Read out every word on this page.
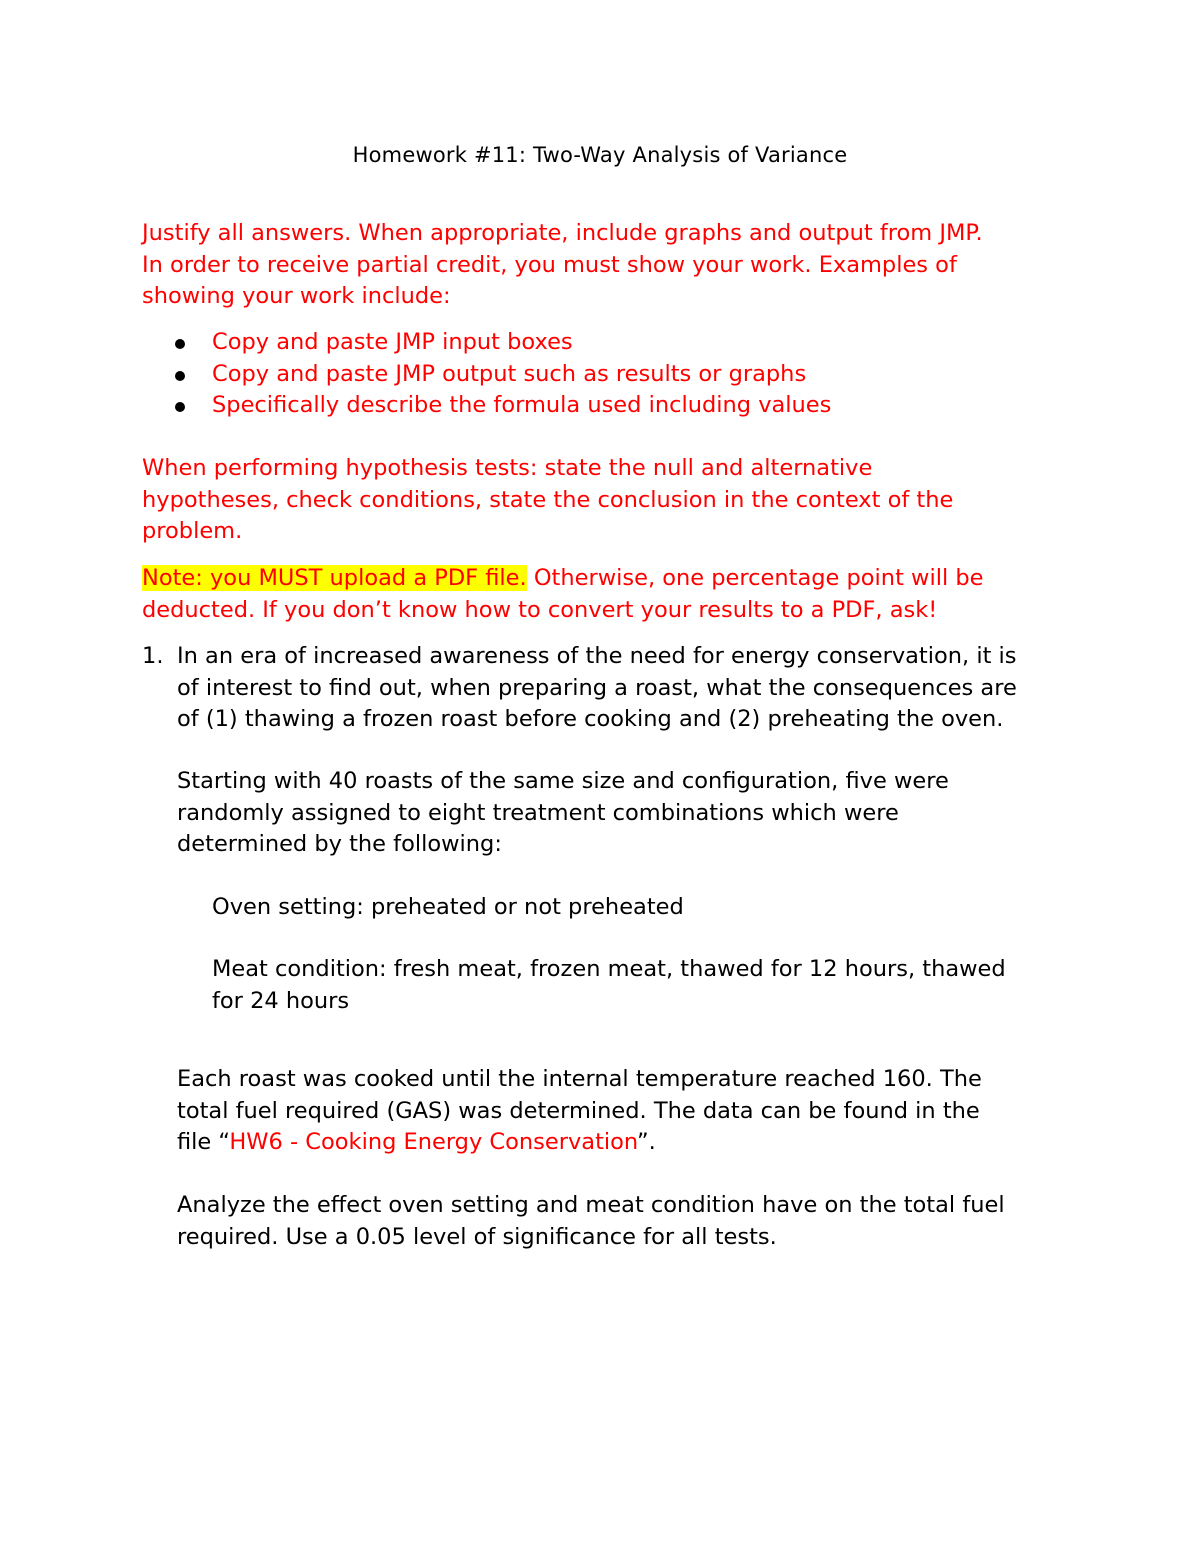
Homework #11: Two-Way Analysis of Variance
Justify all answers. When appropriate, include graphs and output from JMP.
In order to receive partial credit, you must show your work. Examples of
showing your work include:
Copy and paste JMP input boxes
Copy and paste JMP output such as results or graphs
Specifically describe the formula used including values
When performing hypothesis tests: state the null and alternative
hypotheses, check conditions, state the conclusion in the context of the
problem.
Note: you MUST upload a PDF file. Otherwise, one percentage point will be
deducted. If you don’t know how to convert your results to a PDF, ask!
1. In an era of increased awareness of the need for energy conservation, it is
of interest to find out, when preparing a roast, what the consequences are
of (1) thawing a frozen roast before cooking and (2) preheating the oven.
Starting with 40 roasts of the same size and configuration, five were
randomly assigned to eight treatment combinations which were
determined by the following:
Oven setting: preheated or not preheated
Meat condition: fresh meat, frozen meat, thawed for 12 hours, thawed
for 24 hours
Each roast was cooked until the internal temperature reached 160. The
total fuel required (GAS) was determined. The data can be found in the
file “HW6 - Cooking Energy Conservation”.
Analyze the effect oven setting and meat condition have on the total fuel
required. Use a 0.05 level of significance for all tests.
